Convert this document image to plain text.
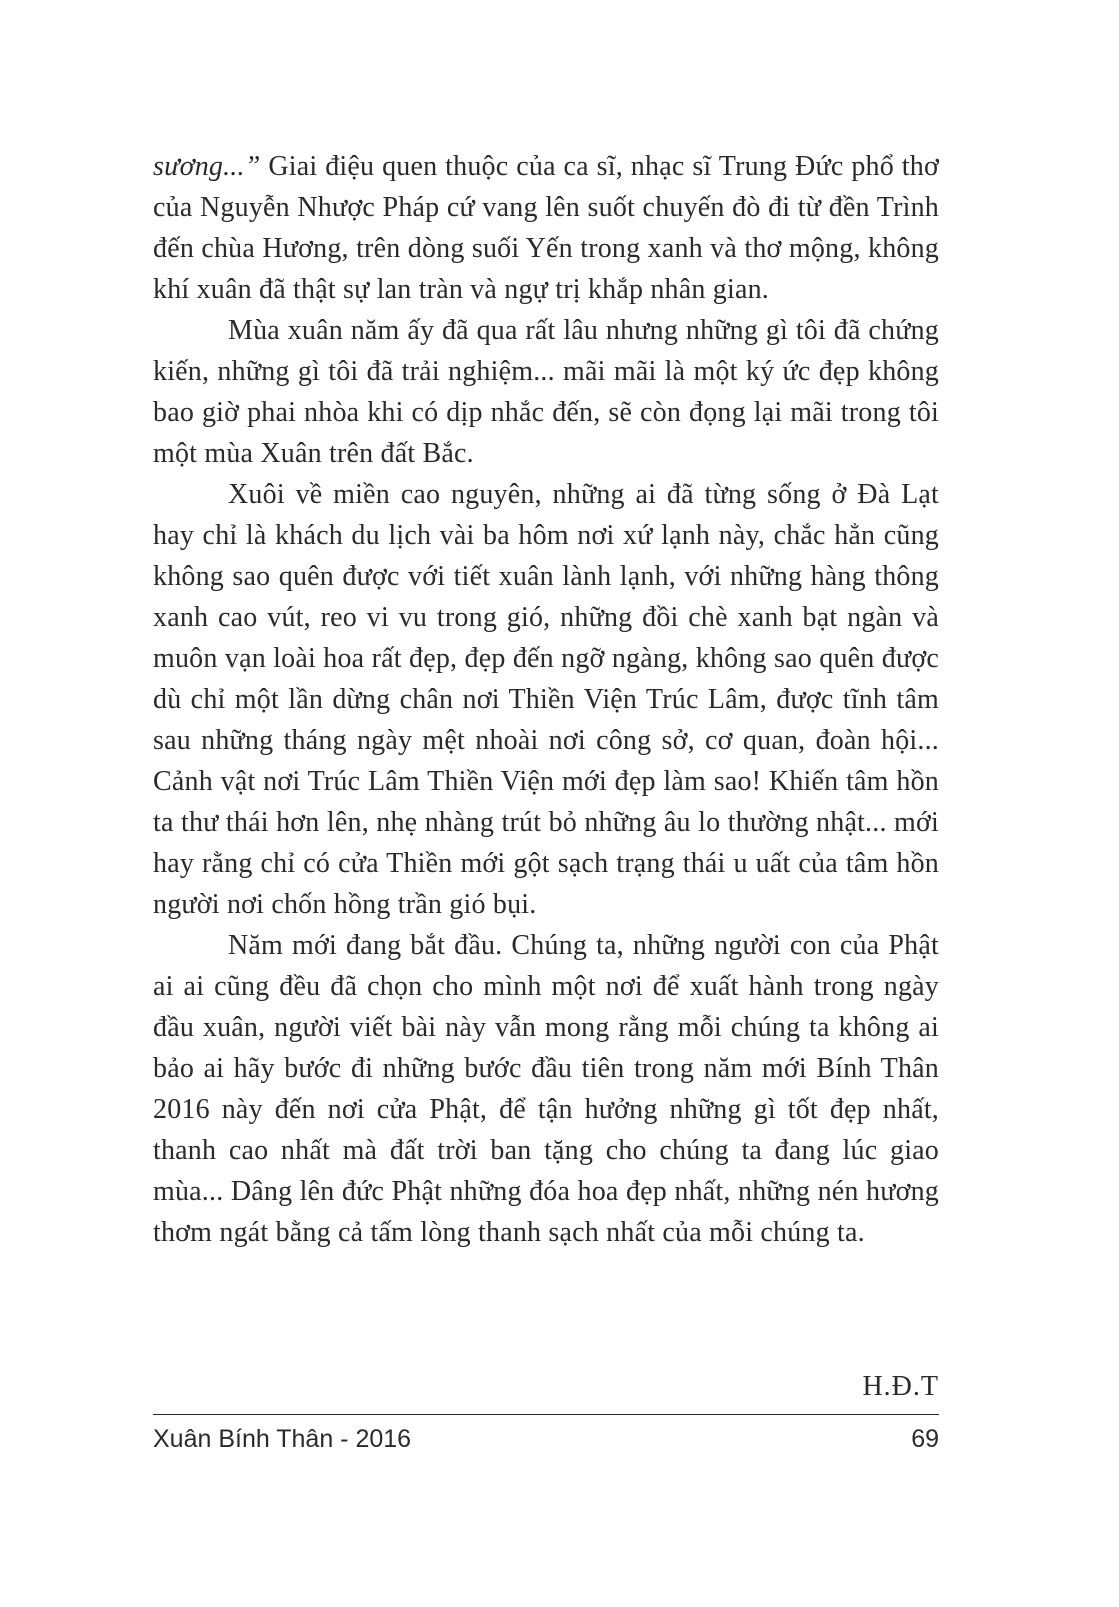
sương...” Giai điệu quen thuộc của ca sĩ, nhạc sĩ Trung Đức phổ thơ của Nguyễn Nhược Pháp cứ vang lên suốt chuyến đò đi từ đền Trình đến chùa Hương, trên dòng suối Yến trong xanh và thơ mộng, không khí xuân đã thật sự lan tràn và ngự trị khắp nhân gian.

Mùa xuân năm ấy đã qua rất lâu nhưng những gì tôi đã chứng kiến, những gì tôi đã trải nghiệm... mãi mãi là một ký ức đẹp không bao giờ phai nhòa khi có dịp nhắc đến, sẽ còn đọng lại mãi trong tôi một mùa Xuân trên đất Bắc.

Xuôi về miền cao nguyên, những ai đã từng sống ở Đà Lạt hay chỉ là khách du lịch vài ba hôm nơi xứ lạnh này, chắc hẳn cũng không sao quên được với tiết xuân lành lạnh, với những hàng thông xanh cao vút, reo vi vu trong gió, những đồi chè xanh bạt ngàn và muôn vạn loài hoa rất đẹp, đẹp đến ngỡ ngàng, không sao quên được dù chỉ một lần dừng chân nơi Thiền Viện Trúc Lâm, được tĩnh tâm sau những tháng ngày mệt nhoài nơi công sở, cơ quan, đoàn hội... Cảnh vật nơi Trúc Lâm Thiền Viện mới đẹp làm sao! Khiến tâm hồn ta thư thái hơn lên, nhẹ nhàng trút bỏ những âu lo thường nhật... mới hay rằng chỉ có cửa Thiền mới gột sạch trạng thái u uất của tâm hồn người nơi chốn hồng trần gió bụi.

Năm mới đang bắt đầu. Chúng ta, những người con của Phật ai ai cũng đều đã chọn cho mình một nơi để xuất hành trong ngày đầu xuân, người viết bài này vẫn mong rằng mỗi chúng ta không ai bảo ai hãy bước đi những bước đầu tiên trong năm mới Bính Thân 2016 này đến nơi cửa Phật, để tận hưởng những gì tốt đẹp nhất, thanh cao nhất mà đất trời ban tặng cho chúng ta đang lúc giao mùa... Dâng lên đức Phật những đóa hoa đẹp nhất, những nén hương thơm ngát bằng cả tấm lòng thanh sạch nhất của mỗi chúng ta.

H.Đ.T
Xuân Bính Thân - 2016	69
